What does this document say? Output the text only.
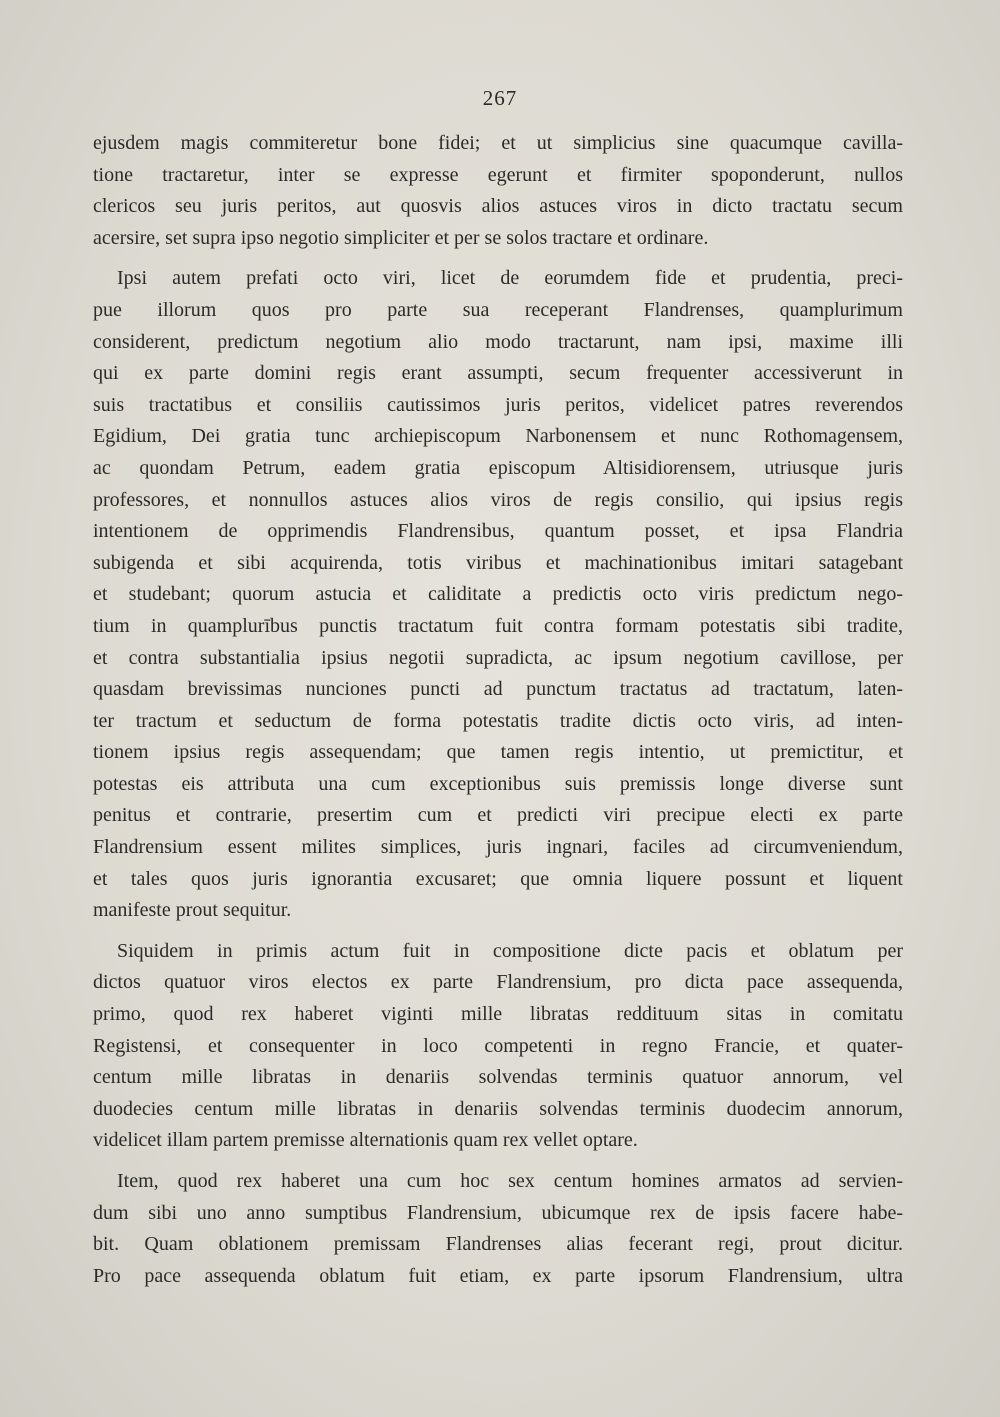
267
ejusdem magis commiteretur bone fidei; et ut simplicius sine quacumque cavilla-
tione tractaretur, inter se expresse egerunt et firmiter spoponderunt, nullos
clericos seu juris peritos, aut quosvis alios astuces viros in dicto tractatu secum
acersire, set supra ipso negotio simpliciter et per se solos tractare et ordinare.
Ipsi autem prefati octo viri, licet de eorumdem fide et prudentia, preci-
pue illorum quos pro parte sua receperant Flandrenses, quamplurimum
considerent, predictum negotium alio modo tractarunt, nam ipsi, maxime illi
qui ex parte domini regis erant assumpti, secum frequenter accessiverunt in
suis tractatibus et consiliis cautissimos juris peritos, videlicet patres reverendos
Egidium, Dei gratia tunc archiepiscopum Narbonensem et nunc Rothomagensem,
ac quondam Petrum, eadem gratia episcopum Altisidiorensem, utriusque juris
professores, et nonnullos astuces alios viros de regis consilio, qui ipsius regis
intentionem de opprimendis Flandrensibus, quantum posset, et ipsa Flandria
subigenda et sibi acquirenda, totis viribus et machinationibus imitari satagebant
et studebant; quorum astucia et caliditate a predictis octo viris predictum nego-
tium in quamplurībus punctis tractatum fuit contra formam potestatis sibi tradite,
et contra substantialia ipsius negotii supradicta, ac ipsum negotium cavillose, per
quasdam brevissimas nunciones puncti ad punctum tractatus ad tractatum, laten-
ter tractum et seductum de forma potestatis tradite dictis octo viris, ad inten-
tionem ipsius regis assequendam; que tamen regis intentio, ut premictitur, et
potestas eis attributa una cum exceptionibus suis premissis longe diverse sunt
penitus et contrarie, presertim cum et predicti viri precipue electi ex parte
Flandrensium essent milites simplices, juris ingnari, faciles ad circumveniendum,
et tales quos juris ignorantia excusaret; que omnia liquere possunt et liquent
manifeste prout sequitur.
Siquidem in primis actum fuit in compositione dicte pacis et oblatum per
dictos quatuor viros electos ex parte Flandrensium, pro dicta pace assequenda,
primo, quod rex haberet viginti mille libratas reddituum sitas in comitatu
Registensi, et consequenter in loco competenti in regno Francie, et quater-
centum mille libratas in denariis solvendas terminis quatuor annorum, vel
duodecies centum mille libratas in denariis solvendas terminis duodecim annorum,
videlicet illam partem premisse alternationis quam rex vellet optare.
Item, quod rex haberet una cum hoc sex centum homines armatos ad servien-
dum sibi uno anno sumptibus Flandrensium, ubicumque rex de ipsis facere habe-
bit. Quam oblationem premissam Flandrenses alias fecerant regi, prout dicitur.
Pro pace assequenda oblatum fuit etiam, ex parte ipsorum Flandrensium, ultra
